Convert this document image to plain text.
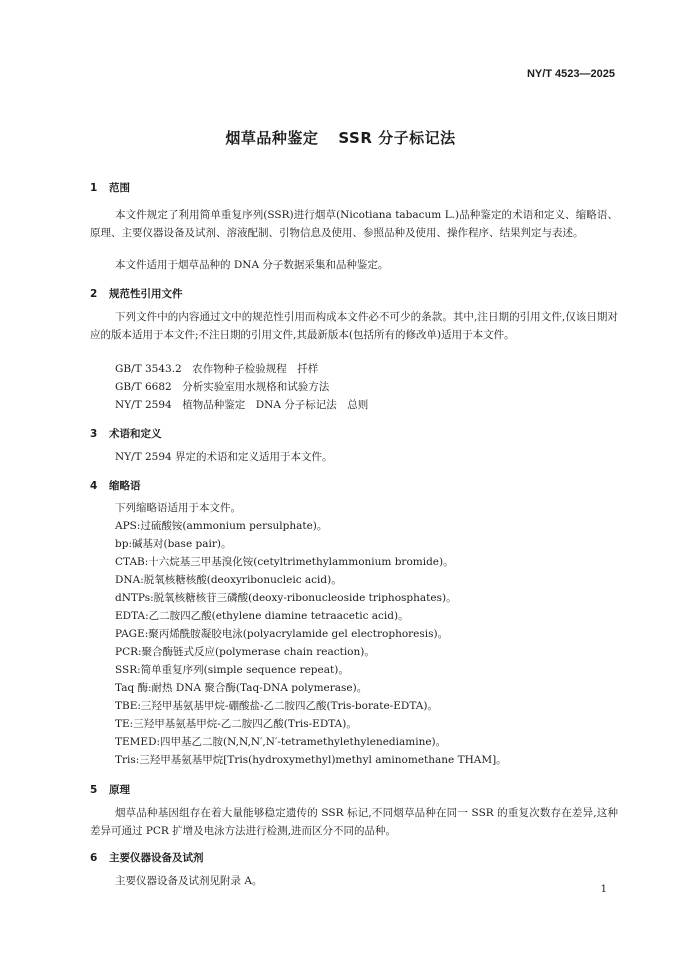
NY/T 4523—2025
烟草品种鉴定 SSR 分子标记法
1 范围

本文件规定了利用简单重复序列(SSR)进行烟草(Nicotiana tabacum L.)品种鉴定的术语和定义、缩略语、原理、主要仪器设备及试剂、溶液配制、引物信息及使用、参照品种及使用、操作程序、结果判定与表述。

本文件适用于烟草品种的 DNA 分子数据采集和品种鉴定。

2 规范性引用文件

下列文件中的内容通过文中的规范性引用而构成本文件必不可少的条款。其中,注日期的引用文件,仅该日期对应的版本适用于本文件;不注日期的引用文件,其最新版本(包括所有的修改单)适用于本文件。

GB/T 3543.2　农作物种子检验规程　扦样
GB/T 6682　分析实验室用水规格和试验方法
NY/T 2594　植物品种鉴定　DNA 分子标记法　总则
3 术语和定义
NY/T 2594 界定的术语和定义适用于本文件。
4 缩略语
下列缩略语适用于本文件。
APS:过硫酸铵(ammonium persulphate)。
bp:碱基对(base pair)。
CTAB:十六烷基三甲基溴化铵(cetyltrimethylammonium bromide)。
DNA:脱氧核糖核酸(deoxyribonucleic acid)。
dNTPs:脱氧核糖核苷三磷酸(deoxy-ribonucleoside triphosphates)。
EDTA:乙二胺四乙酸(ethylene diamine tetraacetic acid)。
PAGE:聚丙烯酰胺凝胶电泳(polyacrylamide gel electrophoresis)。
PCR:聚合酶链式反应(polymerase chain reaction)。
SSR:简单重复序列(simple sequence repeat)。
Taq 酶:耐热 DNA 聚合酶(Taq-DNA polymerase)。
TBE:三羟甲基氨基甲烷-硼酸盐-乙二胺四乙酸(Tris-borate-EDTA)。
TE:三羟甲基氨基甲烷-乙二胺四乙酸(Tris-EDTA)。
TEMED:四甲基乙二胺(N,N,N′,N′-tetramethylethylenediamine)。
Tris:三羟甲基氨基甲烷[Tris(hydroxymethyl)methyl aminomethane THAM]。
5 原理

烟草品种基因组存在着大量能够稳定遗传的 SSR 标记,不同烟草品种在同一 SSR 的重复次数存在差异,这种差异可通过 PCR 扩增及电泳方法进行检测,进而区分不同的品种。

6 主要仪器设备及试剂
主要仪器设备及试剂见附录 A。
1
